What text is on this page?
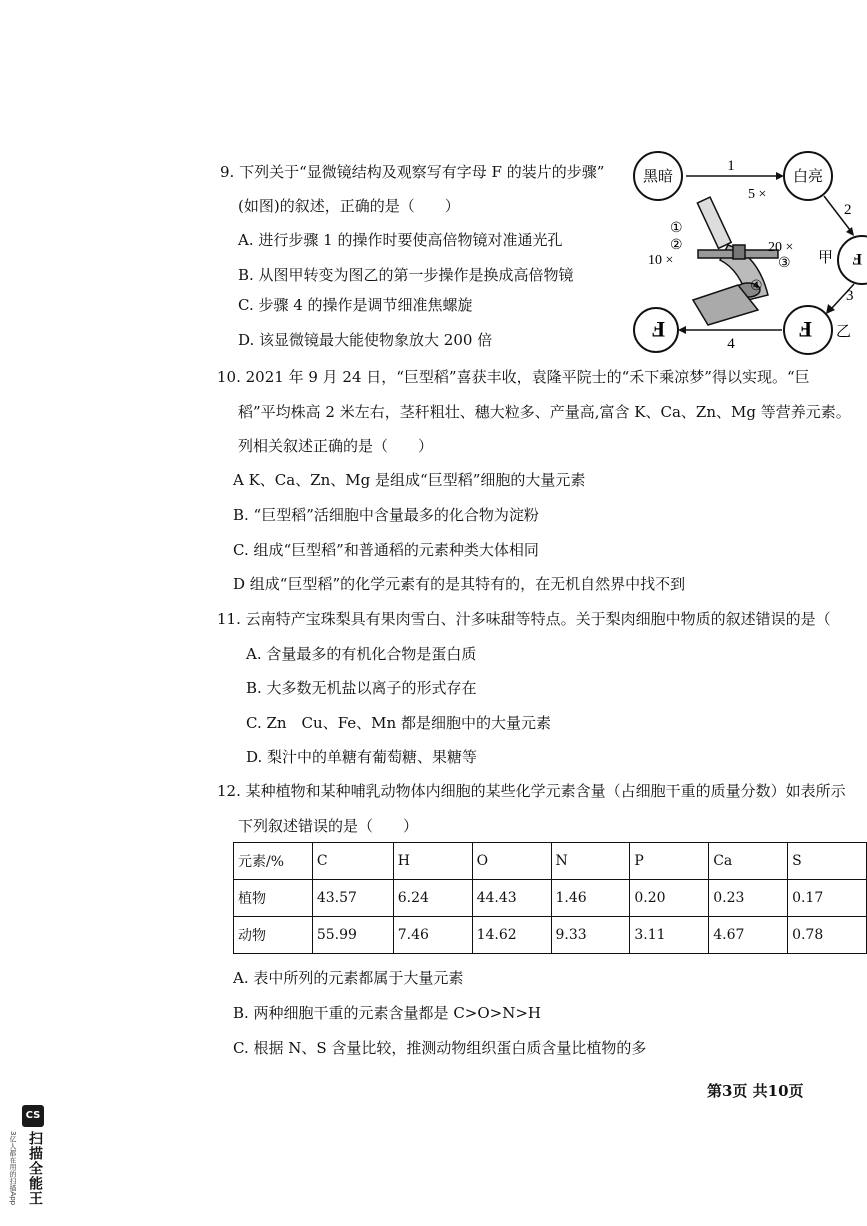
9. 下列关于“显微镜结构及观察写有字母 F 的装片的步骤”
(如图)的叙述，正确的是（　　）
A. 进行步骤 1 的操作时要使高倍物镜对准通光孔
B. 从图甲转变为图乙的第一步操作是换成高倍物镜
C. 步骤 4 的操作是调节细准焦螺旋
D. 该显微镜最大能使物象放大 200 倍
黑暗
1
白亮
2
甲 F
3
F 乙
4
F
5 ×
20 ×
10 ×
①
②
③
④
10. 2021 年 9 月 24 日，“巨型稻”喜获丰收，袁隆平院士的“禾下乘凉梦”得以实现。“巨
稻”平均株高 2 米左右，茎秆粗壮、穗大粒多、产量高,富含 K、Ca、Zn、Mg 等营养元素。
列相关叙述正确的是（　　）
A K、Ca、Zn、Mg 是组成“巨型稻”细胞的大量元素
B. “巨型稻”活细胞中含量最多的化合物为淀粉
C. 组成“巨型稻”和普通稻的元素种类大体相同
D 组成“巨型稻”的化学元素有的是其特有的，在无机自然界中找不到
11. 云南特产宝珠梨具有果肉雪白、汁多味甜等特点。关于梨肉细胞中物质的叙述错误的是（
A. 含量最多的有机化合物是蛋白质
B. 大多数无机盐以离子的形式存在
C. Zn　Cu、Fe、Mn 都是细胞中的大量元素
D. 梨汁中的单糖有葡萄糖、果糖等
12. 某种植物和某种哺乳动物体内细胞的某些化学元素含量（占细胞干重的质量分数）如表所示
下列叙述错误的是（　　）
元素/%	C	H	O	N	P	Ca	S
植物	43.57	6.24	44.43	1.46	0.20	0.23	0.17
动物	55.99	7.46	14.62	9.33	3.11	4.67	0.78
A. 表中所列的元素都属于大量元素
B. 两种细胞干重的元素含量都是 C>O>N>H
C. 根据 N、S 含量比较，推测动物组织蛋白质含量比植物的多
第3页 共10页
CS
扫描全能王
3亿人都在用的扫描App
